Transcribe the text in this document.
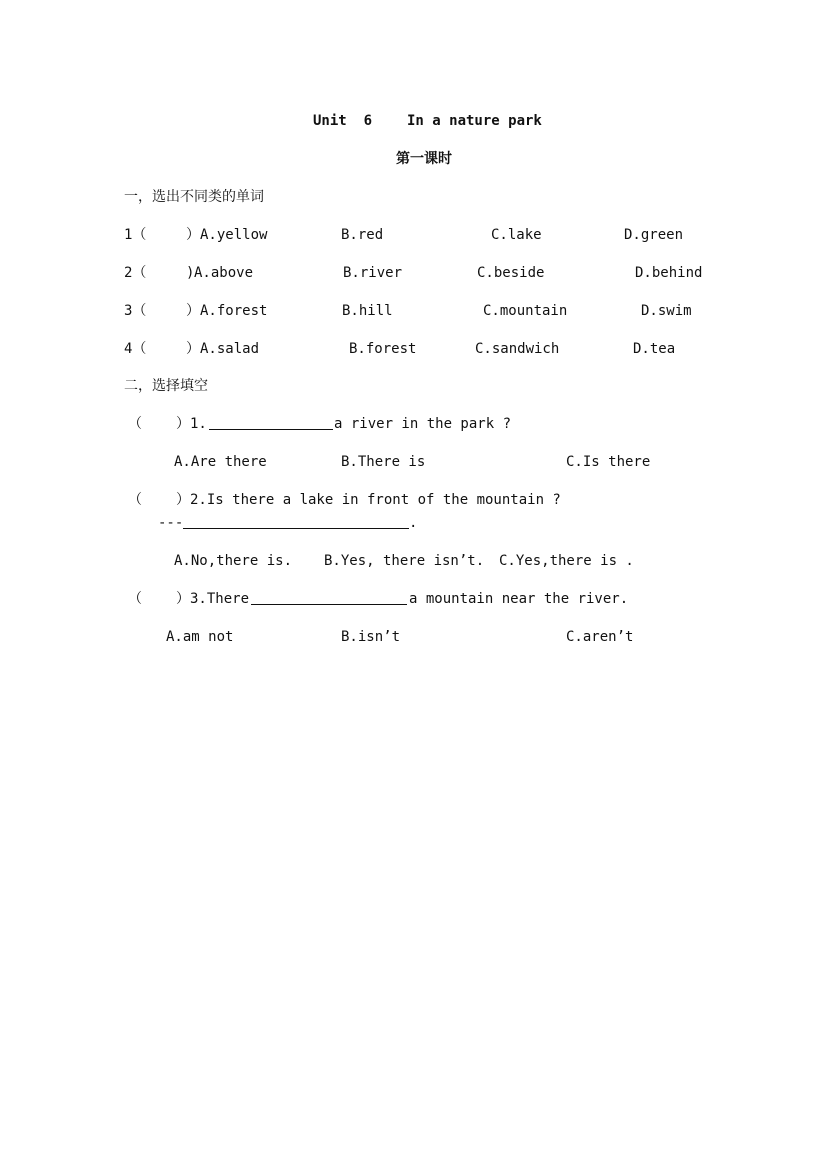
Unit  6 In a nature park
第一课时
一，选出不同类的单词
1（	） A.yellow	B.red	C.lake	D.green
2（	) A.above	B.river	C.beside	D.behind
3（	） A.forest	B.hill	C.mountain	D.swim
4（	） A.salad	B.forest	C.sandwich	D.tea
二，选择填空
（ ）1.	a river in the park ?
A.Are there	B.There is	C.Is there
（ ）2.Is there a lake in front of the mountain ?
---	.
A.No,there is. B.Yes, there isn’t. C.Yes,there is .
（ ）3.There	a mountain near the river.
A.am not	B.isn’t	C.aren’t
